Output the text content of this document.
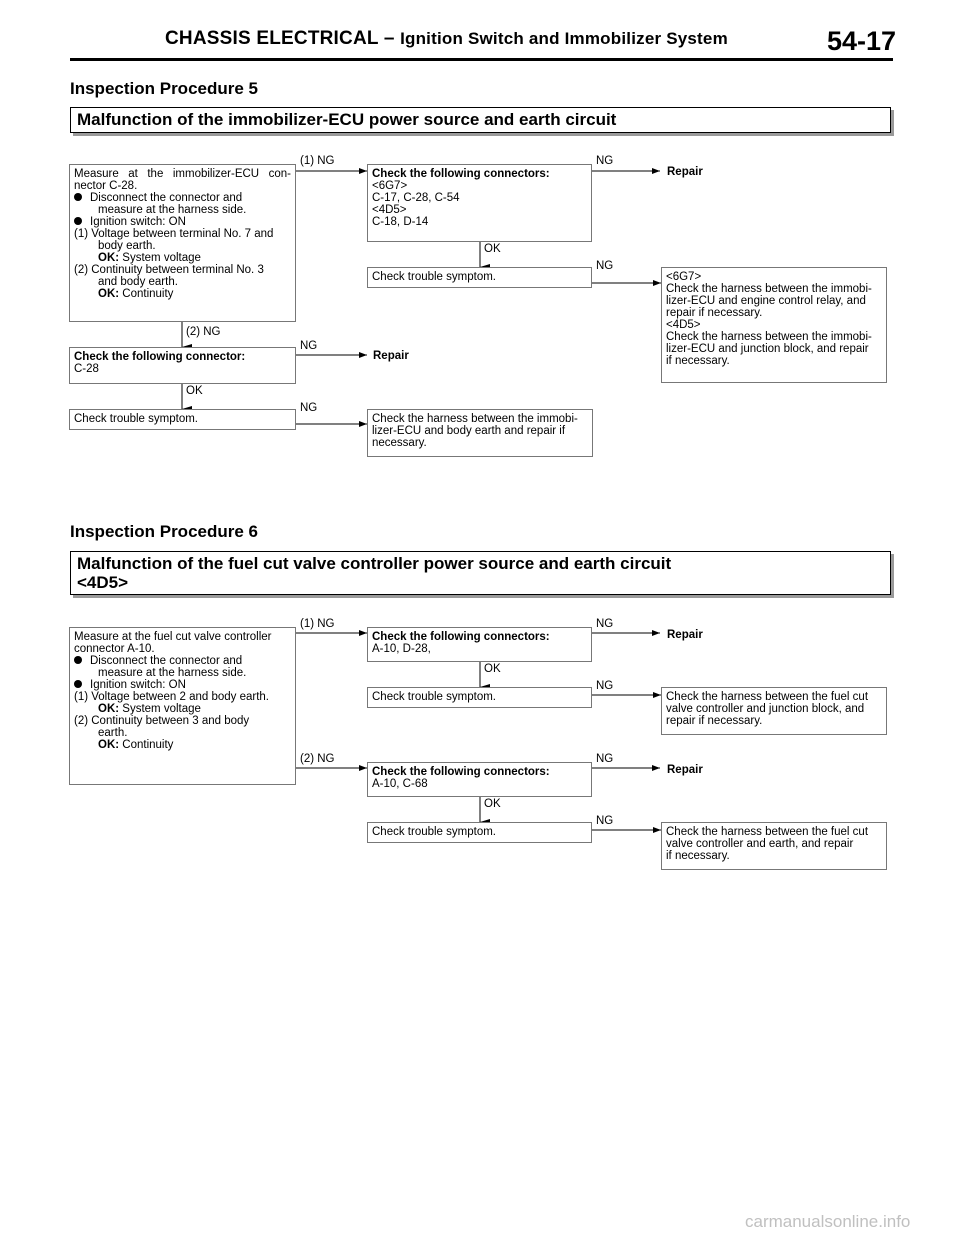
CHASSIS ELECTRICAL – Ignition Switch and Immobilizer System	54-17
Inspection Procedure 5
Malfunction of the immobilizer-ECU power source and earth circuit
Measure at the immobilizer-ECU con-
nector C-28.
Disconnect the connector and
measure at the harness side.
Ignition switch: ON
(1) Voltage between terminal No. 7 and
body earth.
OK: System voltage
(2) Continuity between terminal No. 3
and body earth.
OK: Continuity
(1) NG
Check the following connectors:
<6G7>
C-17, C-28, C-54
<4D5>
C-18, D-14
NG
Repair
OK
Check trouble symptom.
NG
<6G7>
Check the harness between the immobi-
lizer-ECU and engine control relay, and
repair if necessary.
<4D5>
Check the harness between the immobi-
lizer-ECU and junction block, and repair
if necessary.
(2) NG
Check the following connector:
C-28
NG
Repair
OK
Check trouble symptom.
NG
Check the harness between the immobi-
lizer-ECU and body earth and repair if
necessary.
Inspection Procedure 6
Malfunction of the fuel cut valve controller power source and earth circuit
<4D5>
Measure at the fuel cut valve controller
connector A-10.
Disconnect the connector and
measure at the harness side.
Ignition switch: ON
(1) Voltage between 2 and body earth.
OK: System voltage
(2) Continuity between 3 and body
earth.
OK: Continuity
(1) NG
Check the following connectors:
A-10, D-28,
NG
Repair
OK
Check trouble symptom.
NG
Check the harness between the fuel cut
valve controller and junction block, and
repair if necessary.
(2) NG
Check the following connectors:
A-10, C-68
NG
Repair
OK
Check trouble symptom.
NG
Check the harness between the fuel cut
valve controller and earth, and repair
if necessary.
carmanualsonline.info
